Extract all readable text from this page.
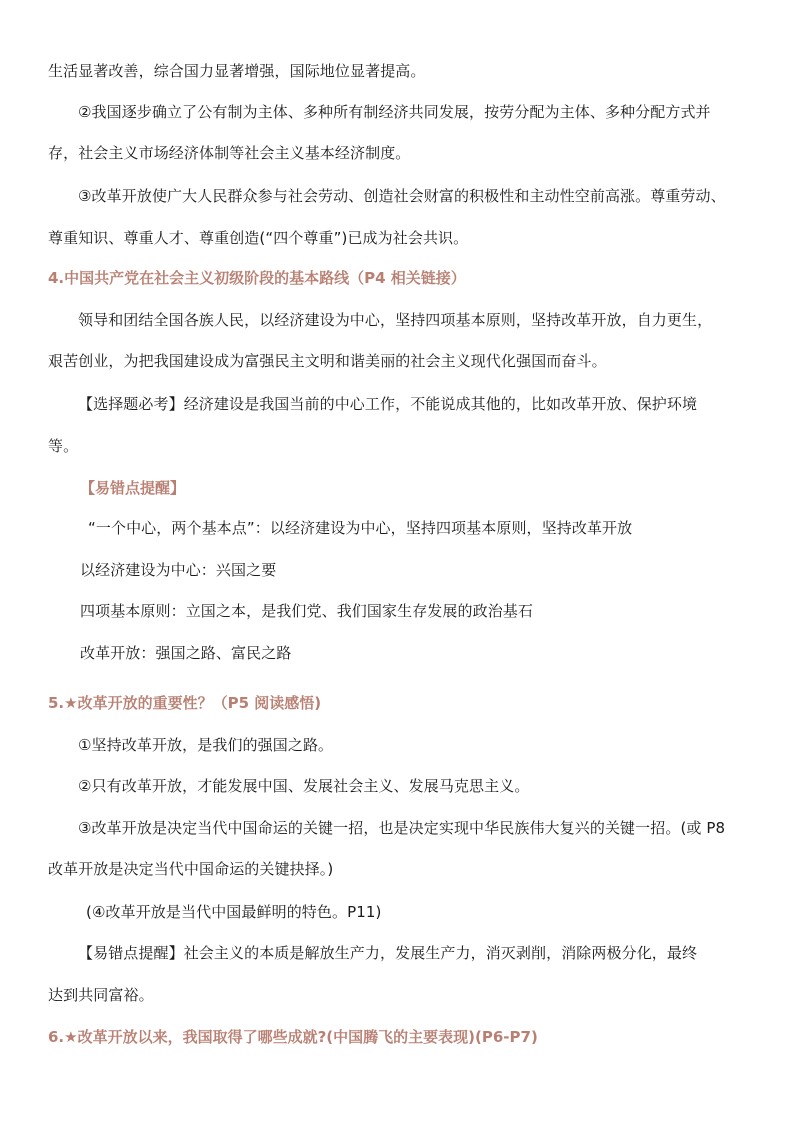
生活显著改善，综合国力显著增强，国际地位显著提高。
②我国逐步确立了公有制为主体、多种所有制经济共同发展，按劳分配为主体、多种分配方式并
存，社会主义市场经济体制等社会主义基本经济制度。
③改革开放使广大人民群众参与社会劳动、创造社会财富的积极性和主动性空前高涨。尊重劳动、
尊重知识、尊重人才、尊重创造(“四个尊重”)已成为社会共识。
4.中国共产党在社会主义初级阶段的基本路线（P4 相关链接）
领导和团结全国各族人民，以经济建设为中心，坚持四项基本原则，坚持改革开放，自力更生，
艰苦创业，为把我国建设成为富强民主文明和谐美丽的社会主义现代化强国而奋斗。
【选择题必考】经济建设是我国当前的中心工作，不能说成其他的，比如改革开放、保护环境
等。
【易错点提醒】
“一个中心，两个基本点”：以经济建设为中心，坚持四项基本原则，坚持改革开放
以经济建设为中心：兴国之要
四项基本原则：立国之本，是我们党、我们国家生存发展的政治基石
改革开放：强国之路、富民之路
5.★改革开放的重要性？（P5 阅读感悟)
①坚持改革开放，是我们的强国之路。
②只有改革开放，才能发展中国、发展社会主义、发展马克思主义。
③改革开放是决定当代中国命运的关键一招，也是决定实现中华民族伟大复兴的关键一招。(或 P8
改革开放是决定当代中国命运的关键抉择。)
(④改革开放是当代中国最鲜明的特色。P11)
【易错点提醒】社会主义的本质是解放生产力，发展生产力，消灭剥削，消除两极分化，最终
达到共同富裕。
6.★改革开放以来，我国取得了哪些成就?(中国腾飞的主要表现)(P6-P7)
